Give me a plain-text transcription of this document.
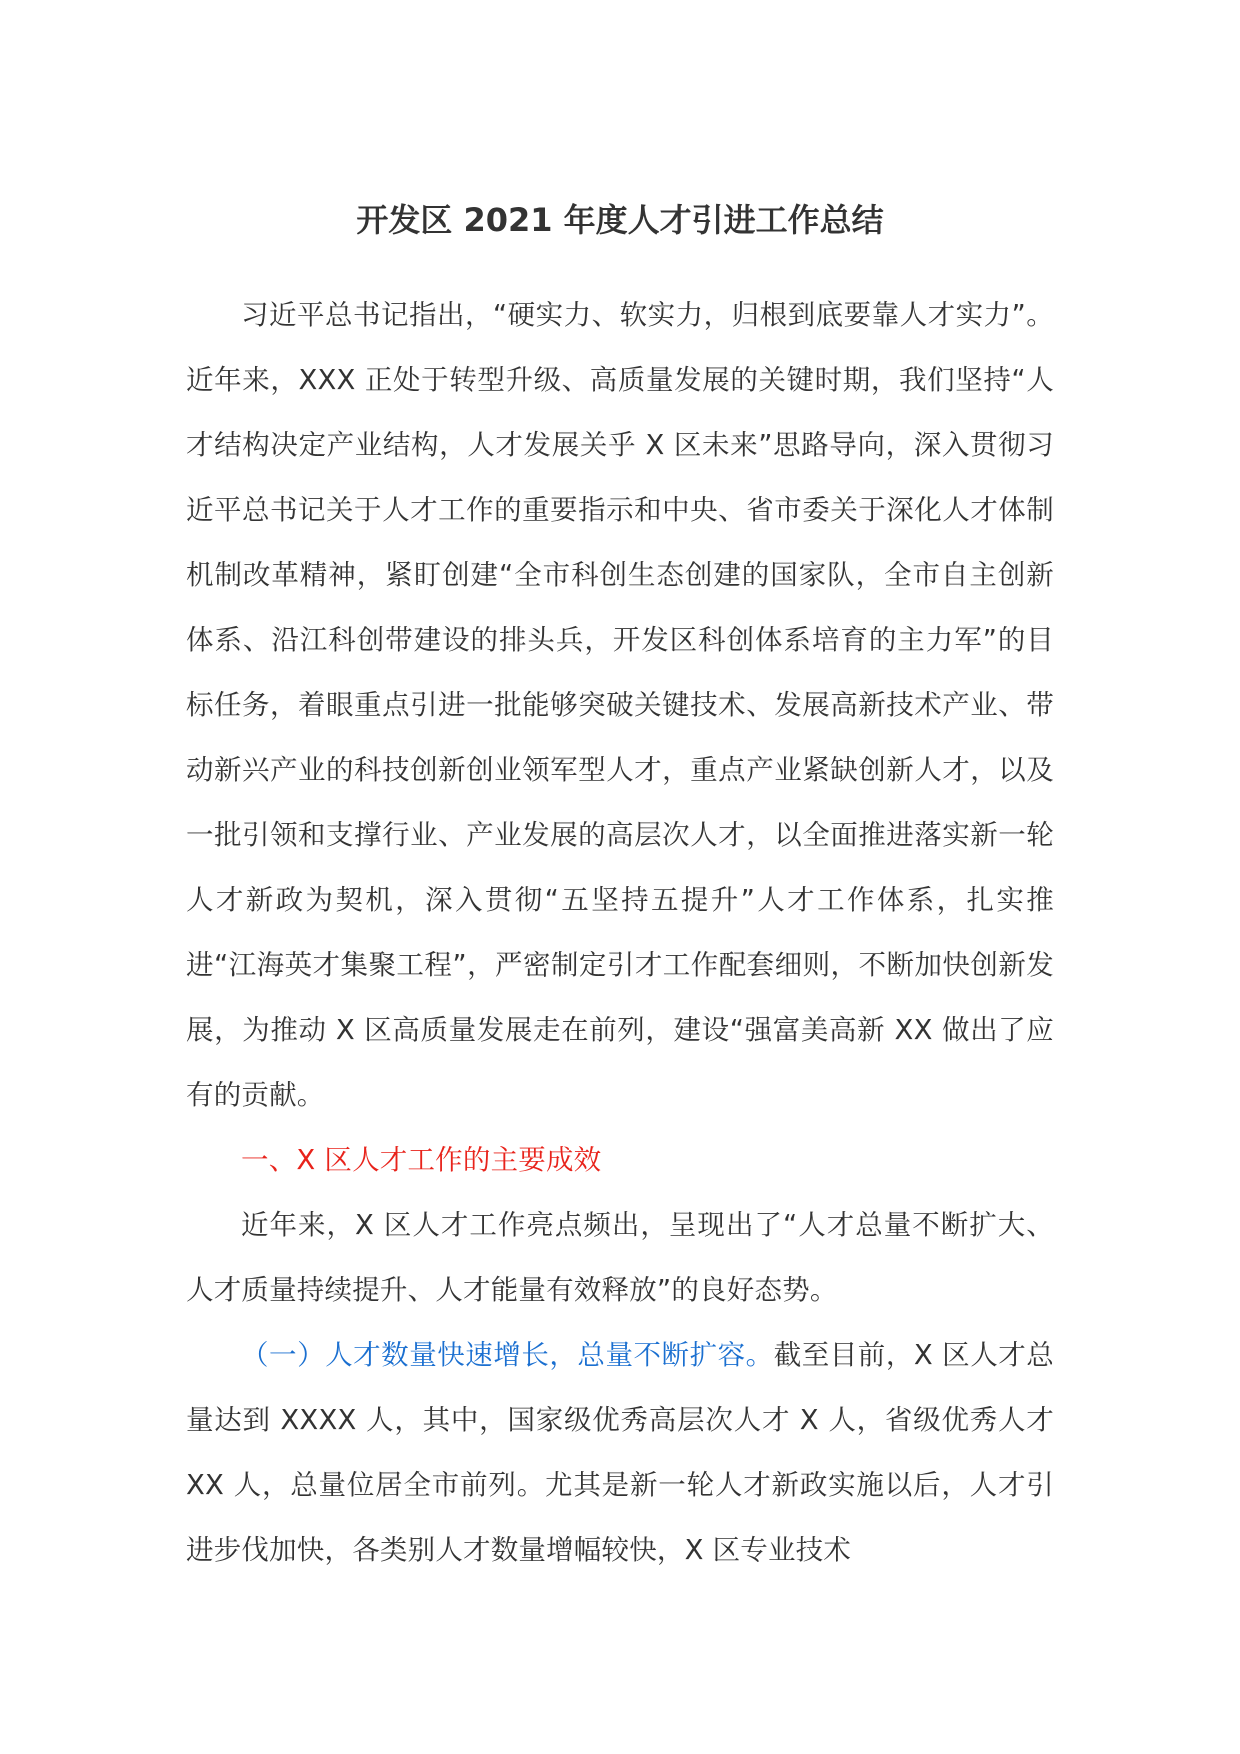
开发区 2021 年度人才引进工作总结

习近平总书记指出，“硬实力、软实力，归根到底要靠人才实力”。近年来，XXX 正处于转型升级、高质量发展的关键时期，我们坚持“人才结构决定产业结构，人才发展关乎 X 区未来”思路导向，深入贯彻习近平总书记关于人才工作的重要指示和中央、省市委关于深化人才体制机制改革精神，紧盯创建“全市科创生态创建的国家队，全市自主创新体系、沿江科创带建设的排头兵，开发区科创体系培育的主力军”的目标任务，着眼重点引进一批能够突破关键技术、发展高新技术产业、带动新兴产业的科技创新创业领军型人才，重点产业紧缺创新人才，以及一批引领和支撑行业、产业发展的高层次人才，以全面推进落实新一轮人才新政为契机，深入贯彻“五坚持五提升”人才工作体系，扎实推进“江海英才集聚工程”，严密制定引才工作配套细则，不断加快创新发展，为推动 X 区高质量发展走在前列，建设“强富美高新 XX 做出了应有的贡献。

一、X 区人才工作的主要成效

近年来，X 区人才工作亮点频出，呈现出了“人才总量不断扩大、人才质量持续提升、人才能量有效释放”的良好态势。

（一）人才数量快速增长，总量不断扩容。截至目前，X 区人才总量达到 XXXX 人，其中，国家级优秀高层次人才 X 人，省级优秀人才 XX 人，总量位居全市前列。尤其是新一轮人才新政实施以后，人才引进步伐加快，各类别人才数量增幅较快，X 区专业技术
